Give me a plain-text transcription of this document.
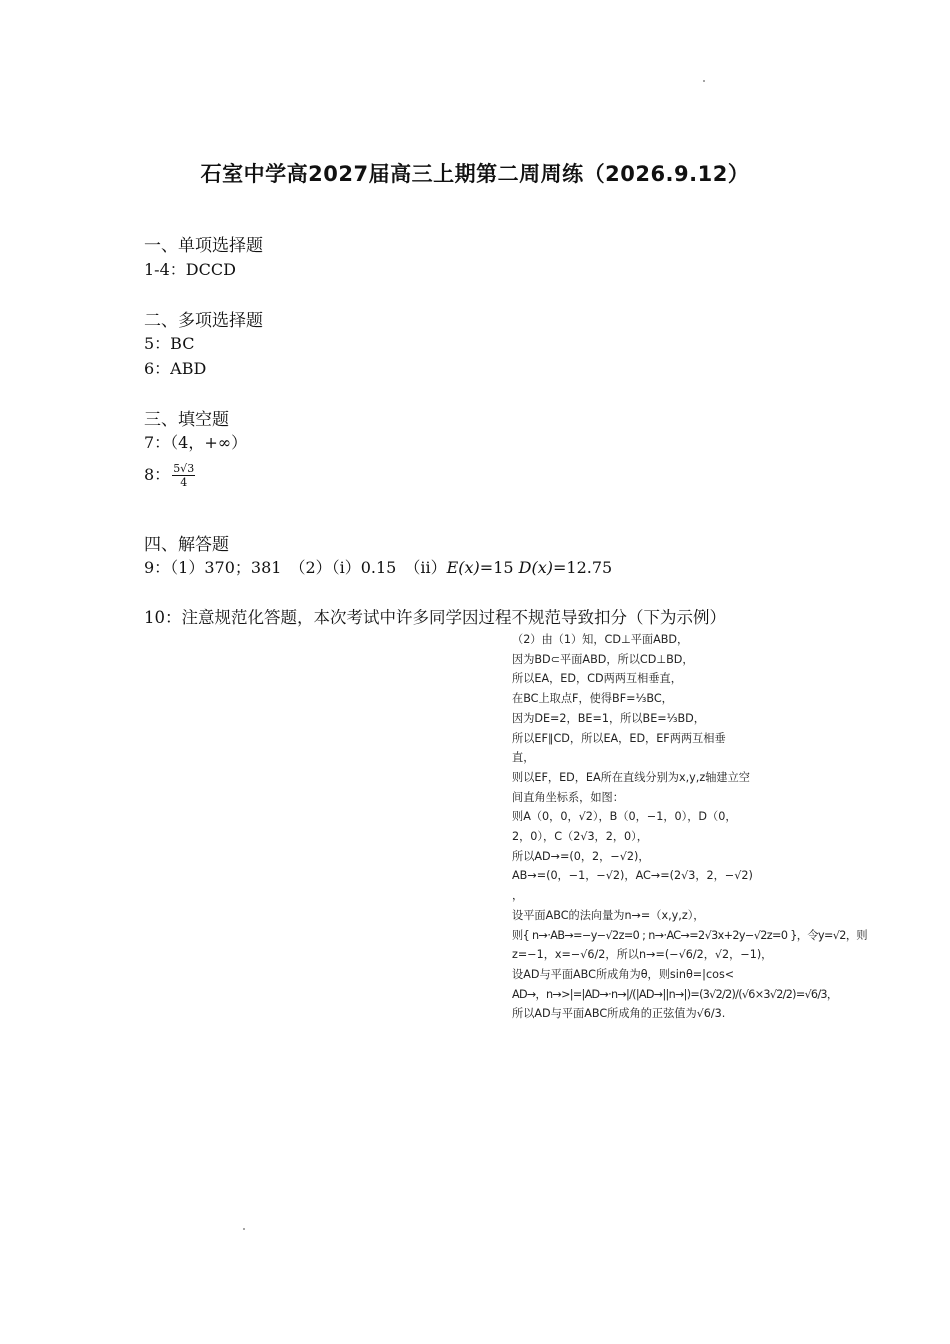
石室中学高2027届高三上期第二周周练（2026.9.12）
一、单项选择题
1-4：DCCD
二、多项选择题
5：BC
6：ABD
三、填空题
7：（4，+∞）
8： $\frac{5√3}{4}$
四、解答题
9：（1）370；381　（2）（i）0.15　（ii）E(x)=15 D(x)=12.75
10：注意规范化答题，本次考试中许多同学因过程不规范导致扣分（下为示例）
（2）由（1）知，CD⊥平面ABD，
因为BD⊂平面ABD，所以CD⊥BD，
所以EA，ED，CD两两互相垂直，
在BC上取点F，使得BF=⅓BC，
因为DE=2，BE=1，所以BE=⅓BD，
所以EF∥CD，所以EA，ED，EF两两互相垂
直，
则以EF，ED，EA所在直线分别为x,y,z轴建立空
间直角坐标系，如图：
则A（0，0，√2），B（0，−1，0），D（0，
2，0），C（2√3，2，0），
所以AD→=(0，2，−√2)，
AB→=(0，−1，−√2)，AC→=(2√3，2，−√2)
，
设平面ABC的法向量为n→=（x,y,z），
则{ n→·AB→=−y−√2z=0 ; n→·AC→=2√3x+2y−√2z=0 }，令y=√2，则
z=−1，x=−√6/2，所以n→=(−√6/2，√2，−1)，
设AD与平面ABC所成角为θ，则sinθ=|cos<
AD→，n→>|=|AD→·n→|/(|AD→||n→|)=(3√2/2)/(√6×3√2/2)=√6/3，
所以AD与平面ABC所成角的正弦值为√6/3.
